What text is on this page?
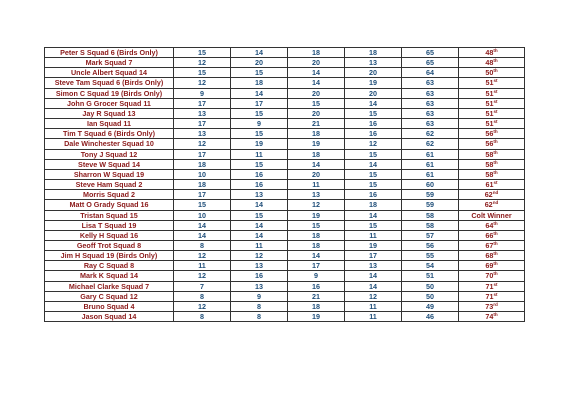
Peter S Squad 6 (Birds Only)	15	14	18	18	65	48th
Mark Squad 7	12	20	20	13	65	48th
Uncle Albert Squad 14	15	15	14	20	64	50th
Steve Tam Squad 6 (Birds Only)	12	18	14	19	63	51st
Simon C Squad 19 (Birds Only)	9	14	20	20	63	51st
John G Grocer Squad 11	17	17	15	14	63	51st
Jay R Squad 13	13	15	20	15	63	51st
Ian Squad 11	17	9	21	16	63	51st
Tim T Squad 6 (Birds Only)	13	15	18	16	62	56th
Dale Winchester Squad 10	12	19	19	12	62	56th
Tony J Squad 12	17	11	18	15	61	58th
Steve W Squad 14	18	15	14	14	61	58th
Sharron W Squad 19	10	16	20	15	61	58th
Steve Ham Squad 2	18	16	11	15	60	61st
Morris Squad 2	17	13	13	16	59	62nd
Matt O Grady Squad 16	15	14	12	18	59	62nd
Tristan Squad 15	10	15	19	14	58	Colt Winner
Lisa T Squad 19	14	14	15	15	58	64th
Kelly H Squad 16	14	14	18	11	57	66th
Geoff Trot Squad 8	8	11	18	19	56	67th
Jim H Squad 19 (Birds Only)	12	12	14	17	55	68th
Ray C Squad 8	11	13	17	13	54	69th
Mark K Squad 14	12	16	9	14	51	70th
Michael Clarke Squad 7	7	13	16	14	50	71st
Gary C Squad 12	8	9	21	12	50	71st
Bruno Squad 4	12	8	18	11	49	73rd
Jason Squad 14	8	8	19	11	46	74th
